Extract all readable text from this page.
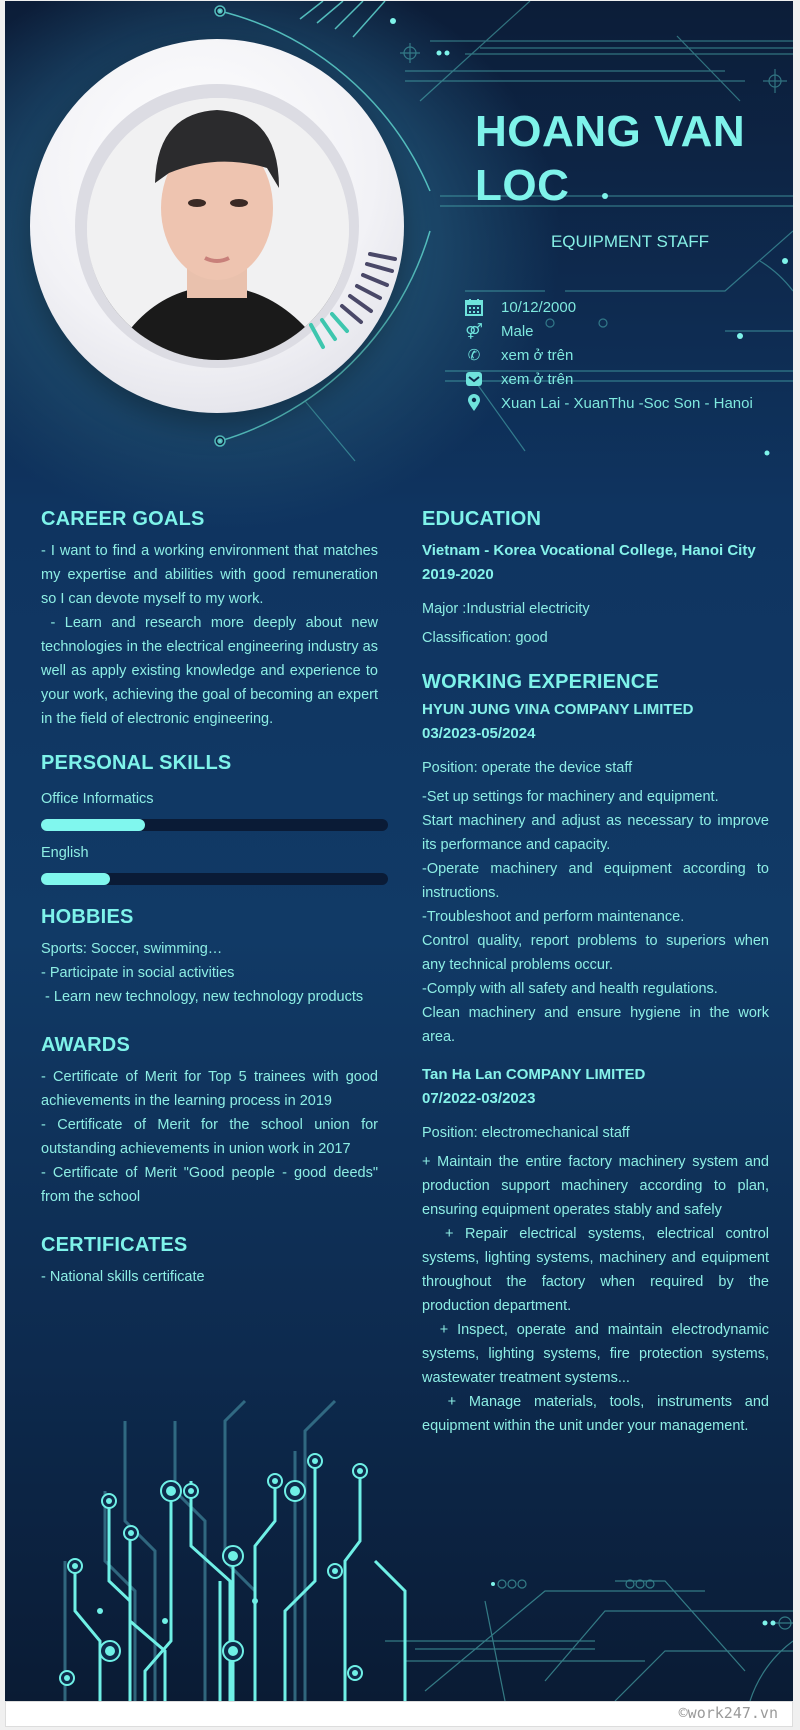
HOANG VAN LOC
EQUIPMENT STAFF
10/12/2000
⚤ Male
✆	xem ở trên
xem ở trên
Xuan Lai - XuanThu -Soc Son - Hanoi
CAREER GOALS

- I want to find a working environment that matches my expertise and abilities with good remuneration so I can devote myself to my work.

- Learn and research more deeply about new technologies in the electrical engineering industry as well as apply existing knowledge and experience to your work, achieving the goal of becoming an expert in the field of electronic engineering.

PERSONAL SKILLS
Office Informatics
English
HOBBIES

Sports: Soccer, swimming…

- Participate in social activities

- Learn new technology, new technology products

AWARDS

- Certificate of Merit for Top 5 trainees with good achievements in the learning process in 2019

- Certificate of Merit for the school union for outstanding achievements in union work in 2017

- Certificate of Merit "Good people - good deeds" from the school

CERTIFICATES

- National skills certificate

EDUCATION
Vietnam - Korea Vocational College, Hanoi City
2019-2020
Major :Industrial electricity
Classification: good
WORKING EXPERIENCE
HYUN JUNG VINA COMPANY LIMITED
03/2023-05/2024
Position: operate the device staff

-Set up settings for machinery and equipment.

Start machinery and adjust as necessary to improve its performance and capacity.

-Operate machinery and equipment according to instructions.

-Troubleshoot and perform maintenance.

Control quality, report problems to superiors when any technical problems occur.

-Comply with all safety and health regulations.

Clean machinery and ensure hygiene in the work area.

Tan Ha Lan COMPANY LIMITED
07/2022-03/2023
Position: electromechanical staff

+ Maintain the entire factory machinery system and production support machinery according to plan, ensuring equipment operates stably and safely

+ Repair electrical systems, electrical control systems, lighting systems, machinery and equipment throughout the factory when required by the production department.

+ Inspect, operate and maintain electrodynamic systems, lighting systems, fire protection systems, wastewater treatment systems...

+ Manage materials, tools, instruments and equipment within the unit under your management.

©work247.vn
